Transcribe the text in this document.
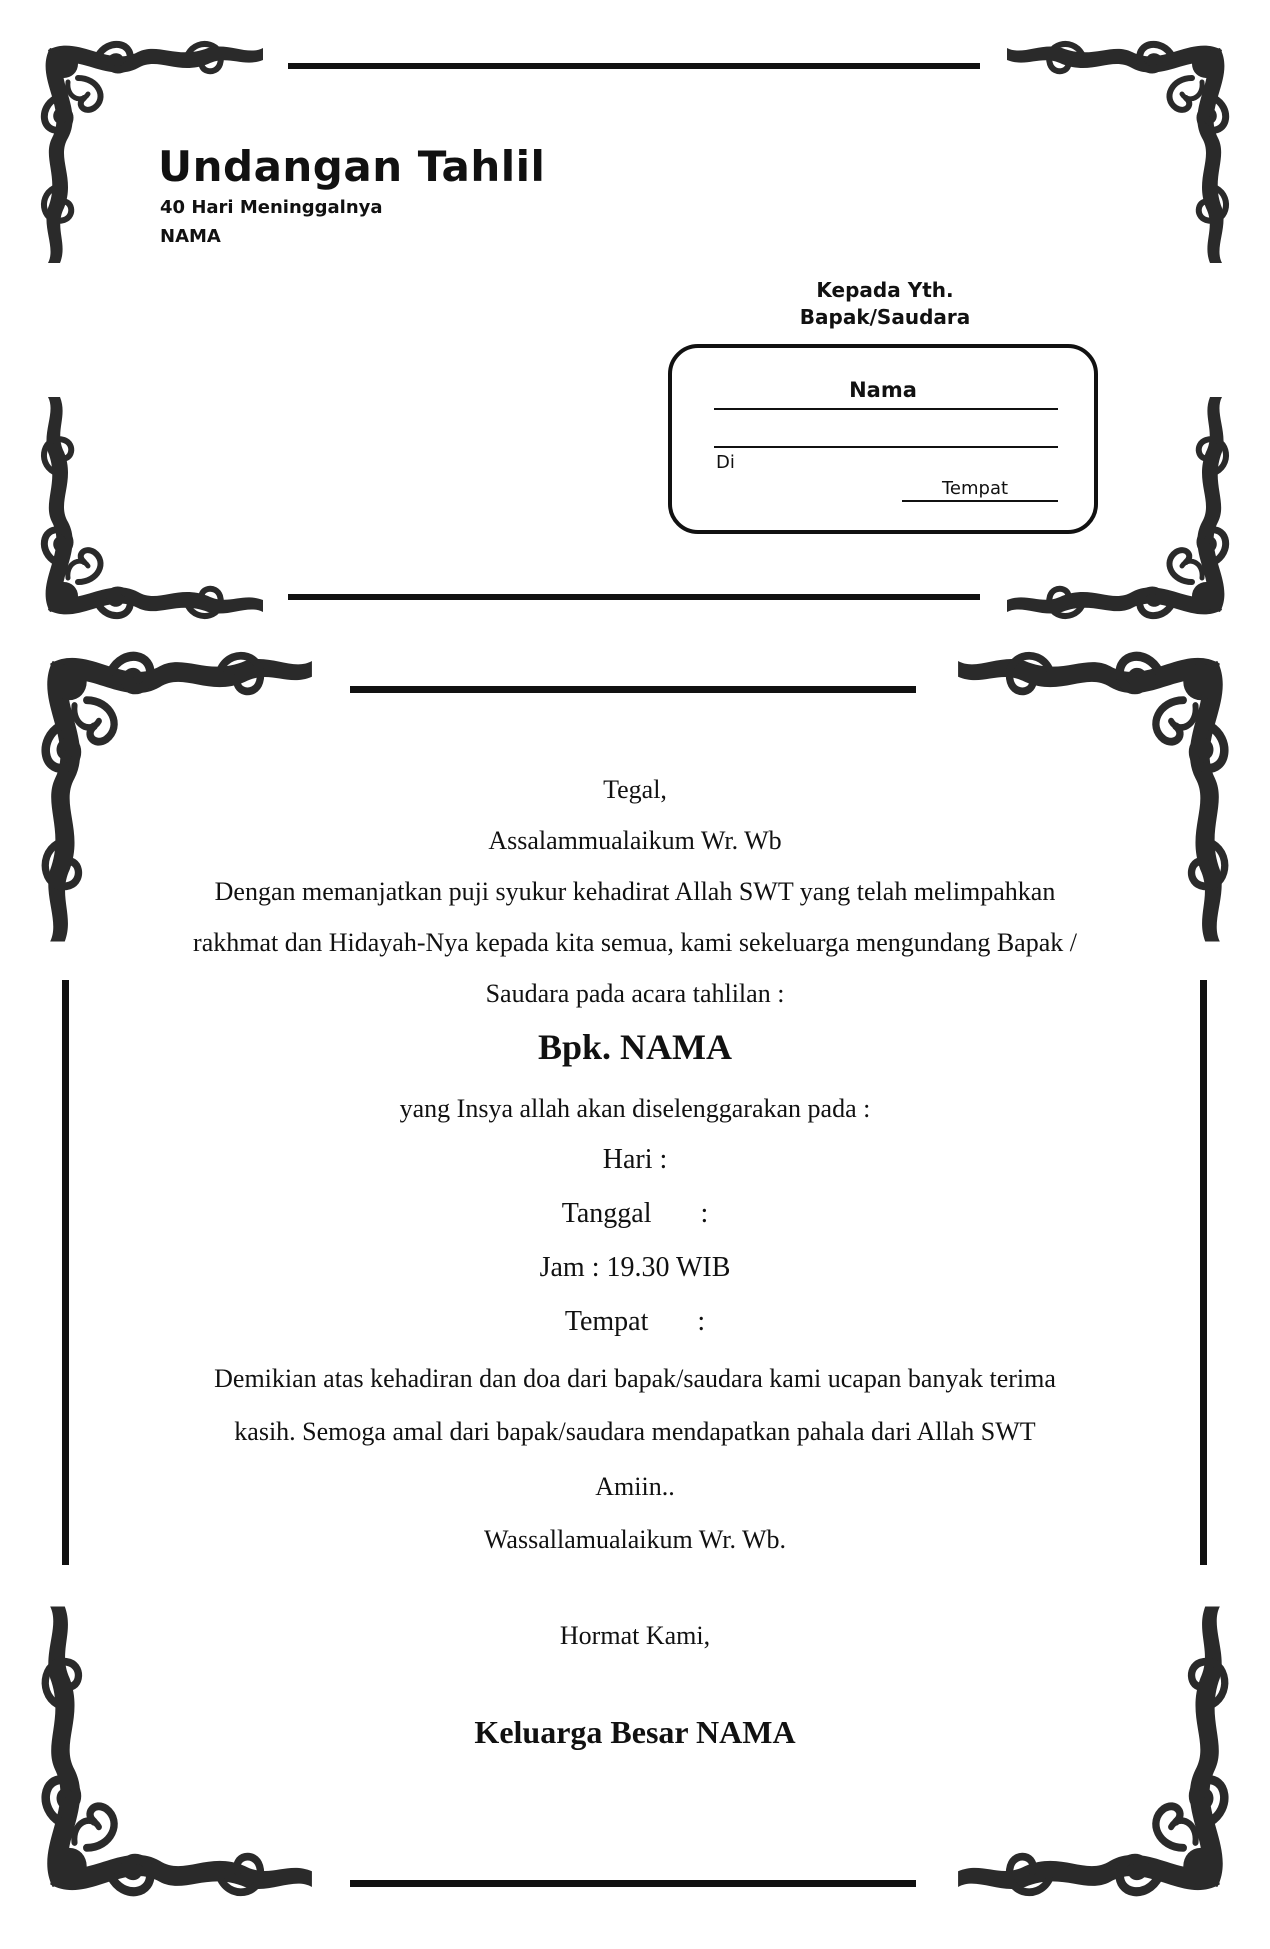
Undangan Tahlil
40 Hari Meninggalnya
NAMA
Kepada Yth.
Bapak/Saudara
Nama
Di
Tempat
Tegal,
Assalammualaikum Wr. Wb
Dengan memanjatkan puji syukur kehadirat Allah SWT yang telah melimpahkan
rakhmat dan Hidayah-Nya kepada kita semua, kami sekeluarga mengundang Bapak /
Saudara pada acara tahlilan :
Bpk. NAMA
yang Insya allah akan diselenggarakan pada :
Hari :
Tanggal       :
Jam : 19.30 WIB
Tempat       :
Demikian atas kehadiran dan doa dari bapak/saudara kami ucapan banyak terima
kasih. Semoga amal dari bapak/saudara mendapatkan pahala dari Allah SWT
Amiin..
Wassallamualaikum Wr. Wb.
Hormat Kami,
Keluarga Besar NAMA
